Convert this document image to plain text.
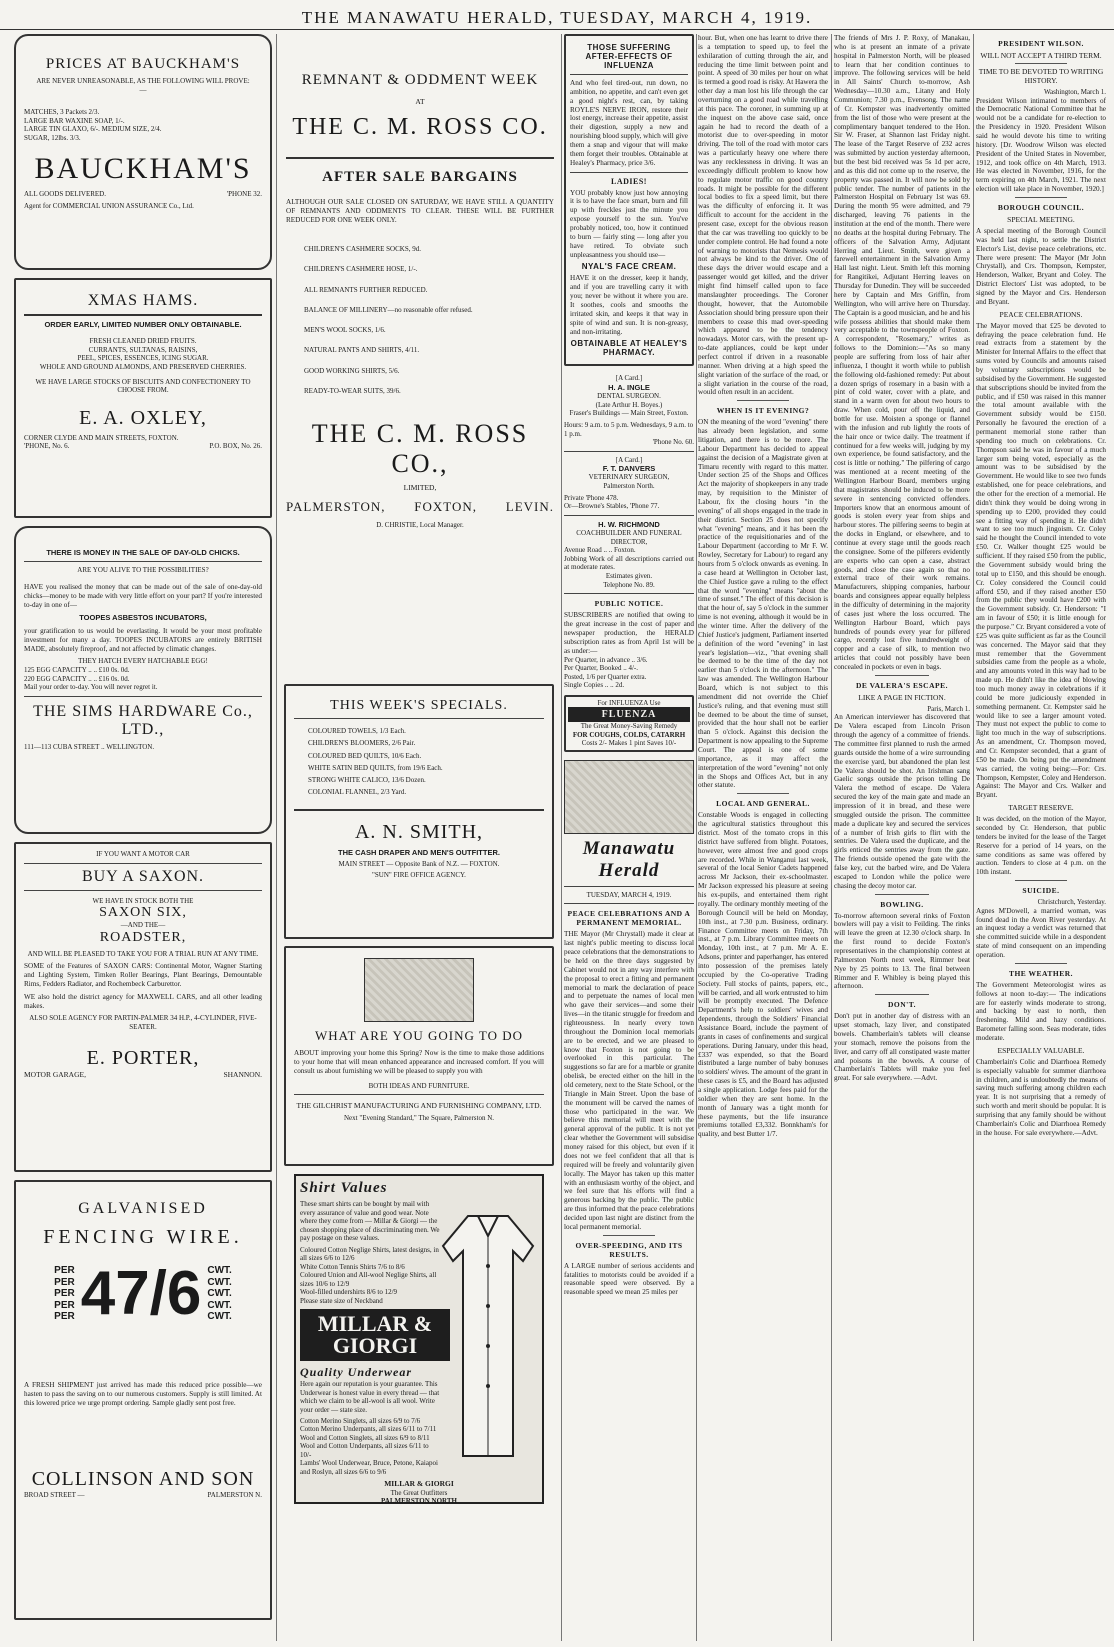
THE MANAWATU HERALD, TUESDAY, MARCH 4, 1919.
PRICES AT BAUCKHAM'S
ARE NEVER UNREASONABLE, AS THE FOLLOWING WILL PROVE:—
MATCHES, 3 Packets 2/3.
LARGE BAR WAXINE SOAP, 1/-.
LARGE TIN GLAXO, 6/-. MEDIUM SIZE, 2/4.
SUGAR, 12lbs. 3/3.
BAUCKHAM'S
ALL GOODS DELIVERED.	'PHONE 32.
Agent for COMMERCIAL UNION ASSURANCE Co., Ltd.
XMAS HAMS.
ORDER EARLY, LIMITED NUMBER ONLY OBTAINABLE.
FRESH CLEANED DRIED FRUITS.
CURRANTS, SULTANAS, RAISINS,
PEEL, SPICES, ESSENCES, ICING SUGAR.
WHOLE AND GROUND ALMONDS, AND PRESERVED CHERRIES.
WE HAVE LARGE STOCKS OF BISCUITS AND CONFECTIONERY TO CHOOSE FROM.
E. A. OXLEY,
CORNER CLYDE AND MAIN STREETS, FOXTON.
'PHONE, No. 6.	P.O. BOX, No. 26.
THERE IS MONEY IN THE SALE OF DAY-OLD CHICKS.
ARE YOU ALIVE TO THE POSSIBILITIES?
HAVE you realised the money that can be made out of the sale of one-day-old chicks—money to be made with very little effort on your part? If you're interested to-day in one of—
TOOPES ASBESTOS INCUBATORS,
your gratification to us would be everlasting. It would be your most profitable investment for many a day. TOOPES INCUBATORS are entirely BRITISH MADE, absolutely fireproof, and not affected by climatic changes.
THEY HATCH EVERY HATCHABLE EGG!
125 EGG CAPACITY .. .. £10 0s. 0d.
220 EGG CAPACITY .. .. £16 0s. 0d.
Mail your order to-day. You will never regret it.
THE SIMS HARDWARE Co.,
LTD.,
111—113 CUBA STREET .. WELLINGTON.
IF YOU WANT A MOTOR CAR
BUY A SAXON.
WE HAVE IN STOCK BOTH THE
SAXON SIX,
—AND THE—
ROADSTER,
AND WILL BE PLEASED TO TAKE YOU FOR A TRIAL RUN AT ANY TIME.
SOME of the Features of SAXON CARS: Continental Motor, Wagner Starting and Lighting System, Timken Roller Bearings, Plant Bearings, Demountable Rims, Fedders Radiator, and Rochembeck Carburettor.
WE also hold the district agency for MAXWELL CARS, and all other leading makes.
ALSO SOLE AGENCY FOR PARTIN-PALMER 34 H.P., 4-CYLINDER, FIVE-SEATER.
E. PORTER,
MOTOR GARAGE,	SHANNON.
GALVANISED
FENCING WIRE.
PER
PER
PER
PER
PER 47/6 CWT.
CWT.
CWT.
CWT.
CWT.
A FRESH SHIPMENT just arrived has made this reduced price possible—we hasten to pass the saving on to our numerous customers. Supply is still limited. At this lowered price we urge prompt ordering. Sample gladly sent post free.
COLLINSON AND SON
BROAD STREET —	PALMERSTON N.
REMNANT & ODDMENT WEEK
AT
THE C. M. ROSS CO.
AFTER SALE BARGAINS
ALTHOUGH OUR SALE CLOSED ON SATURDAY, WE HAVE STILL A QUANTITY OF REMNANTS AND ODDMENTS TO CLEAR. THESE WILL BE FURTHER REDUCED FOR ONE WEEK ONLY.
CHILDREN'S CASHMERE SOCKS, 9d.
CHILDREN'S CASHMERE HOSE, 1/-.
ALL REMNANTS FURTHER REDUCED.
BALANCE OF MILLINERY—no reasonable offer refused.
MEN'S WOOL SOCKS, 1/6.
NATURAL PANTS AND SHIRTS, 4/11.
GOOD WORKING SHIRTS, 5/6.
READY-TO-WEAR SUITS, 39/6.
THE C. M. ROSS CO.,
LIMITED,
PALMERSTON, FOXTON, LEVIN.
D. CHRISTIE, Local Manager.
THIS WEEK'S SPECIALS.
COLOURED TOWELS, 1/3 Each.
CHILDREN'S BLOOMERS, 2/6 Pair.
COLOURED BED QUILTS, 10/6 Each.
WHITE SATIN BED QUILTS, from 19/6 Each.
STRONG WHITE CALICO, 13/6 Dozen.
COLONIAL FLANNEL, 2/3 Yard.
A. N. SMITH,
THE CASH DRAPER AND MEN'S OUTFITTER.
MAIN STREET — Opposite Bank of N.Z. — FOXTON.
"SUN" FIRE OFFICE AGENCY.
WHAT ARE YOU GOING TO DO
ABOUT improving your home this Spring? Now is the time to make those additions to your home that will mean enhanced appearance and increased comfort. If you will consult us about furnishing we will be pleased to supply you with
BOTH IDEAS AND FURNITURE.
THE GILCHRIST MANUFACTURING AND FURNISHING COMPANY, LTD.
Next "Evening Standard," The Square, Palmerston N.
Shirt Values
These smart shirts can be bought by mail with every assurance of value and good wear. Note where they come from — Millar & Giorgi — the chosen shopping place of discriminating men. We pay postage on these values.
Coloured Cotton Neglige Shirts, latest designs, in all sizes 6/6 to 12/6
White Cotton Tennis Shirts 7/6 to 8/6
Coloured Union and All-wool Neglige Shirts, all sizes 10/6 to 12/9
Wool-filled undershirts 8/6 to 12/9
Please state size of Neckband
MILLAR & GIORGI
Quality Underwear
Here again our reputation is your guarantee. This Underwear is honest value in every thread — that which we claim to be all-wool is all wool. Write your order — state size.
Cotton Merino Singlets, all sizes 6/9 to 7/6
Cotton Merino Underpants, all sizes 6/11 to 7/11
Wool and Cotton Singlets, all sizes 6/9 to 8/11
Wool and Cotton Underpants, all sizes 6/11 to 10/-
Lambs' Wool Underwear, Bruce, Petone, Kaiapoi and Roslyn, all sizes 6/6 to 9/6
MILLAR & GIORGI
The Great Outfitters
PALMERSTON NORTH
THOSE SUFFERING AFTER-EFFECTS OF INFLUENZA
And who feel tired-out, run down, no ambition, no appetite, and can't even get a good night's rest, can, by taking ROYLE'S NERVE IRON, restore their lost energy, increase their appetite, assist their digestion, supply a new and nourishing blood supply, which will give them a snap and vigour that will make them forget their troubles. Obtainable at Healey's Pharmacy, price 3/6.
LADIES!
YOU probably know just how annoying it is to have the face smart, burn and fill up with freckles just the minute you expose yourself to the sun. You've probably noticed, too, how it continued to burn — fairly sting — long after you have retired. To obviate such unpleasantness you should use—
NYAL'S FACE CREAM.
HAVE it on the dresser, keep it handy, and if you are travelling carry it with you; never be without it where you are. It soothes, cools and smooths the irritated skin, and keeps it that way in spite of wind and sun. It is non-greasy, and non-irritating.
OBTAINABLE AT HEALEY'S PHARMACY.
[A Card.]
H. A. INGLE
DENTAL SURGEON.
(Late Arthur H. Boyes.)
Fraser's Buildings — Main Street, Foxton.
Hours: 9 a.m. to 5 p.m. Wednesdays, 9 a.m. to 1 p.m.
'Phone No. 60.
[A Card.]
F. T. DANVERS
VETERINARY SURGEON,
Palmerston North.
Private 'Phone 478.
Or—Browne's Stables, 'Phone 77.
H. W. RICHMOND
COACHBUILDER AND FUNERAL DIRECTOR,
Avenue Road .. .. Foxton.
Jobbing Work of all descriptions carried out at moderate rates.
Estimates given.
Telephone No. 89.
PUBLIC NOTICE.
SUBSCRIBERS are notified that owing to the great increase in the cost of paper and newspaper production, the HERALD subscription rates as from April 1st will be as under:—
Per Quarter, in advance .. 3/6.
Per Quarter, Booked .. 4/-.
Posted, 1/6 per Quarter extra.
Single Copies .. .. 2d.
For INFLUENZA Use
FLUENZA
The Great Money-Saving Remedy
FOR COUGHS, COLDS, CATARRH
Costs 2/- Makes 1 pint Saves 10/-
Manawatu Herald
TUESDAY, MARCH 4, 1919.
PEACE CELEBRATIONS AND A PERMANENT MEMORIAL.
THE Mayor (Mr Chrystall) made it clear at last night's public meeting to discuss local peace celebrations that the demonstrations to be held on the three days suggested by Cabinet would not in any way interfere with the proposal to erect a fitting and permanent memorial to mark the declaration of peace and to perpetuate the names of local men who gave their services—and some their lives—in the titanic struggle for freedom and righteousness. In nearly every town throughout the Dominion local memorials are to be erected, and we are pleased to know that Foxton is not going to be overlooked in this particular. The suggestions so far are for a marble or granite obelisk, be erected either on the hill in the old cemetery, next to the State School, or the Triangle in Main Street. Upon the base of the monument will be carved the names of those who participated in the war. We believe this memorial will meet with the general approval of the public. It is not yet clear whether the Government will subsidise money raised for this object, but even if it does not we feel confident that all that is required will be freely and voluntarily given locally. The Mayor has taken up this matter with an enthusiasm worthy of the object, and we feel sure that his efforts will find a generous backing by the public. The public are thus informed that the peace celebrations decided upon last night are distinct from the local permanent memorial.
OVER-SPEEDING, AND ITS RESULTS.
A LARGE number of serious accidents and fatalities to motorists could be avoided if a reasonable speed were observed. By a reasonable speed we mean 25 miles per
hour. But, when one has learnt to drive there is a temptation to speed up, to feel the exhilaration of cutting through the air, and reducing the time limit between point and point. A speed of 30 miles per hour on what is termed a good road is risky. At Hawera the other day a man lost his life through the car overturning on a good road while travelling at this pace. The coroner, in summing up at the inquest on the above case said, once again he had to record the death of a motorist due to over-speeding in motor driving. The toll of the road with motor cars was a particularly heavy one where there was any recklessness in driving. It was an exceedingly difficult problem to know how to regulate motor traffic on good country roads. It might be possible for the different local bodies to fix a speed limit, but there was the difficulty of enforcing it. It was difficult to account for the accident in the present case, except for the obvious reason that the car was travelling too quickly to be under complete control. He had found a note of warning to motorists that Nemesis would not always be kind to the driver. One of these days the driver would escape and a passenger would get killed, and the driver might find himself called upon to face manslaughter proceedings. The Coroner thought, however, that the Automobile Association should bring pressure upon their members to cease this mad over-speeding which appeared to be the tendency nowadays. Motor cars, with the present up-to-date appliances, could be kept under perfect control if driven in a reasonable manner. When driving at a high speed the slight variation of the surface of the road, or a slight variation in the course of the road, would often result in an accident.
WHEN IS IT EVENING?
ON the meaning of the word "evening" there has already been legislation, and some litigation, and there is to be more. The Labour Department has decided to appeal against the decision of a Magistrate given at Timaru recently with regard to this matter. Under section 25 of the Shops and Offices Act the majority of shopkeepers in any trade may, by requisition to the Minister of Labour, fix the closing hours "in the evening" of all shops engaged in the trade in their district. Section 25 does not specify what "evening" means, and it has been the practice of the requisitionaries and of the Labour Department (according to Mr F. W. Rowley, Secretary for Labour) to regard any hours from 5 o'clock onwards as evening. In a case heard at Wellington in October last, the Chief Justice gave a ruling to the effect that the word "evening" means "about the time of sunset." The effect of this decision is that the hour of, say 5 o'clock in the summer time is not evening, although it would be in the winter time. After the delivery of the Chief Justice's judgment, Parliament inserted a definition of the word "evening" in last year's legislation—viz., "that evening shall be deemed to be the time of the day not earlier than 5 o'clock in the afternoon." The law was amended. The Wellington Harbour Board, which is not subject to this amendment did not override the Chief Justice's ruling, and that evening must still be deemed to be about the time of sunset, provided that the hour shall not be earlier than 5 o'clock. Against this decision the Department is now appealing to the Supreme Court. The appeal is one of some importance, as it may affect the interpretation of the word "evening" not only in the Shops and Offices Act, but in any other statute.
LOCAL AND GENERAL.
Constable Woods is engaged in collecting the agricultural statistics throughout this district. Most of the tomato crops in this district have suffered from blight. Potatoes, however, were almost free and good crops are recorded. While in Wanganui last week, several of the local Senior Cadets happened across Mr Jackson, their ex-schoolmaster. Mr Jackson expressed his pleasure at seeing his ex-pupils, and entertained them right royally. The ordinary monthly meeting of the Borough Council will be held on Monday, 10th inst., at 7.30 p.m. Business, ordinary. Finance Committee meets on Friday, 7th inst., at 7 p.m. Library Committee meets on Monday, 10th inst., at 7 p.m. Mr A. E. Adsons, printer and paperhanger, has entered into possession of the premises lately occupied by the Co-operative Trading Society. Full stocks of paints, papers, etc., will be carried, and all work entrusted to him will be promptly executed. The Defence Department's help to soldiers' wives and dependents, through the Soldiers' Financial Assistance Board, include the payment of grants in cases of confinements and surgical operations. During January, under this head, £337 was expended, so that the Board distributed a large number of baby bonuses to soldiers' wives. The amount of the grant in these cases is £5, and the Board has adjusted a single application. Lodge fees paid for the soldier when they are sent home. In the month of January was a tight month for these payments, but the life insurance premiums totalled £3,332. Bonnkham's for quality, and best Butter 1/7.
The friends of Mrs J. P. Roxy, of Manakau, who is at present an inmate of a private hospital in Palmerston North, will be pleased to learn that her condition continues to improve. The following services will be held in All Saints' Church to-morrow, Ash Wednesday—10.30 a.m., Litany and Holy Communion; 7.30 p.m., Evensong. The name of Cr. Kempster was inadvertently omitted from the list of those who were present at the complimentary banquet tendered to the Hon. Sir W. Fraser, at Shannon last Friday night. The lease of the Target Reserve of 232 acres was submitted by auction yesterday afternoon, but the best bid received was 5s 1d per acre, and as this did not come up to the reserve, the property was passed in. It will now be sold by public tender. The number of patients in the Palmerston Hospital on February 1st was 69. During the month 95 were admitted, and 79 discharged, leaving 76 patients in the institution at the end of the month. There were no deaths at the hospital during February. The officers of the Salvation Army, Adjutant Herring and Lieut. Smith, were given a farewell entertainment in the Salvation Army Hall last night. Lieut. Smith left this morning for Rangitikei, Adjutant Herring leaves on Thursday for Dunedin. They will be succeeded here by Captain and Mrs Griffin, from Wellington, who will arrive here on Thursday. The Captain is a good musician, and he and his wife possess abilities that should make them very acceptable to the townspeople of Foxton. A correspondent, "Rosemary," writes as follows to the Dominion:—"As so many people are suffering from loss of hair after influenza, I thought it worth while to publish the following old-fashioned remedy: Put about a dozen sprigs of rosemary in a basin with a pint of cold water, cover with a plate, and stand in a warm oven for about two hours to draw. When cold, pour off the liquid, and bottle for use. Moisten a sponge or flannel with the infusion and rub lightly the roots of the hair once or twice daily. The treatment if continued for a few weeks will, judging by my own experience, be found satisfactory, and the cost is little or nothing." The pilfering of cargo was mentioned at a recent meeting of the Wellington Harbour Board, members urging that magistrates should be induced to be more severe in sentencing convicted offenders. Importers know that an enormous amount of goods is stolen every year from ships and harbour stores. The pilfering seems to begin at the docks in England, or elsewhere, and to continue at every stage until the goods reach the consignee. Some of the pilferers evidently are experts who can open a case, abstract goods, and close the case again so that no external trace of their work remains. Manufacturers, shipping companies, harbour boards and consignees appear equally helpless in the difficulty of determining in the majority of cases just where the loss occurred. The Wellington Harbour Board, which pays hundreds of pounds every year for pilfered cargo, recently lost five hundredweight of copper and a case of silk, to mention two articles that could not possibly have been concealed in pockets or even in bags.
DE VALERA'S ESCAPE.
LIKE A PAGE IN FICTION.
Paris, March 1.
An American interviewer has discovered that De Valera escaped from Lincoln Prison through the agency of a committee of friends. The committee first planned to rush the armed guards outside the home of a wire surrounding the exercise yard, but abandoned the plan lest De Valera should be shot. An Irishman sang Gaelic songs outside the prison telling De Valera the method of escape. De Valera secured the key of the main gate and made an impression of it in bread, and these were smuggled outside the prison. The committee made a duplicate key and secured the services of a number of Irish girls to flirt with the sentries. De Valera used the duplicate, and the girls enticed the sentries away from the gate. The friends outside opened the gate with the false key, cut the barbed wire, and De Valera escaped to London while the police were chasing the decoy motor car.
BOWLING.
To-morrow afternoon several rinks of Foxton bowlers will pay a visit to Feilding. The rinks will leave the green at 12.30 o'clock sharp. In the first round to decide Foxton's representatives in the championship contest at Palmerston North next week, Rimmer beat Nye by 25 points to 13. The final between Rimmer and F. Whibley is being played this afternoon.
DON'T.
Don't put in another day of distress with an upset stomach, lazy liver, and constipated bowels. Chamberlain's tablets will cleanse your stomach, remove the poisons from the liver, and carry off all constipated waste matter and poisons in the bowels. A course of Chamberlain's Tablets will make you feel great. For sale everywhere. —Advt.
PRESIDENT WILSON.
WILL NOT ACCEPT A THIRD TERM.
TIME TO BE DEVOTED TO WRITING HISTORY.
Washington, March 1.
President Wilson intimated to members of the Democratic National Committee that he would not be a candidate for re-election to the Presidency in 1920. President Wilson said he would devote his time to writing history. [Dr. Woodrow Wilson was elected President of the United States in November, 1912, and took office on 4th March, 1913. He was elected in November, 1916, for the term expiring on 4th March, 1921. The next election will take place in November, 1920.]
BOROUGH COUNCIL.
SPECIAL MEETING.
A special meeting of the Borough Council was held last night, to settle the District Elector's List, devise peace celebrations, etc. There were present: The Mayor (Mr John Chrystall), and Crs. Thompson, Kempster, Henderson, Walker, Bryant and Coley. The District Electors' List was adopted, to be signed by the Mayor and Crs. Henderson and Bryant.
PEACE CELEBRATIONS.
The Mayor moved that £25 be devoted to defraying the peace celebration fund. He read extracts from a statement by the Minister for Internal Affairs to the effect that sums voted by Councils and amounts raised by voluntary subscriptions would be subsidised by the Government. He suggested that subscriptions should be invited from the public, and if £50 was raised in this manner the total amount available with the Government subsidy would be £150. Personally he favoured the erection of a permanent memorial stone rather than spending too much on celebrations. Cr. Thompson said he was in favour of a much larger sum being voted, especially as the amount was to be subsidised by the Government. He would like to see two funds established, one for peace celebrations, and the other for the erection of a memorial. He didn't think they would be doing wrong in spending up to £200, provided they could see a fitting way of spending it. He didn't want to see too much jingoism. Cr. Coley said he thought the Council intended to vote £50. Cr. Walker thought £25 would be sufficient. If they raised £50 from the public, the Government subsidy would bring the total up to £150, and this should be enough. Cr. Coley considered the Council could afford £50, and if they raised another £50 from the public they would have £200 with the Government subsidy. Cr. Henderson: "I am in favour of £50; it is little enough for the purpose." Cr. Bryant considered a vote of £25 was quite sufficient as far as the Council was concerned. The Mayor said that they must remember that the Government subsidies came from the people as a whole, and any amounts voted in this way had to be made up. He didn't like the idea of blowing too much money away in celebrations if it could be more judiciously expended in something permanent. Cr. Kempster said he would like to see a larger amount voted. They must not expect the public to come to light too much in the way of subscriptions. As an amendment, Cr. Thompson moved, and Cr. Kempster seconded, that a grant of £50 be made. On being put the amendment was carried, the voting being:—For: Crs. Thompson, Kempster, Coley and Henderson. Against: The Mayor and Crs. Walker and Bryant.
TARGET RESERVE.
It was decided, on the motion of the Mayor, seconded by Cr. Henderson, that public tenders be invited for the lease of the Target Reserve for a period of 14 years, on the same conditions as same was offered by auction. Tenders to close at 4 p.m. on the 10th instant.
SUICIDE.
Christchurch, Yesterday.
Agnes M'Dowell, a married woman, was found dead in the Avon River yesterday. At an inquest today a verdict was returned that she committed suicide while in a despondent state of mind consequent on an impending operation.
THE WEATHER.
The Government Meteorologist wires as follows at noon to-day:— The indications are for easterly winds moderate to strong, and backing by east to north, then freshening. Mild and hazy conditions. Barometer falling soon. Seas moderate, tides moderate.
ESPECIALLY VALUABLE.
Chamberlain's Colic and Diarrhoea Remedy is especially valuable for summer diarrhoea in children, and is undoubtedly the means of saving much suffering among children each year. It is not surprising that a remedy of such worth and merit should be popular. It is surprising that any family should be without Chamberlain's Colic and Diarrhoea Remedy in the house. For sale everywhere.—Advt.
